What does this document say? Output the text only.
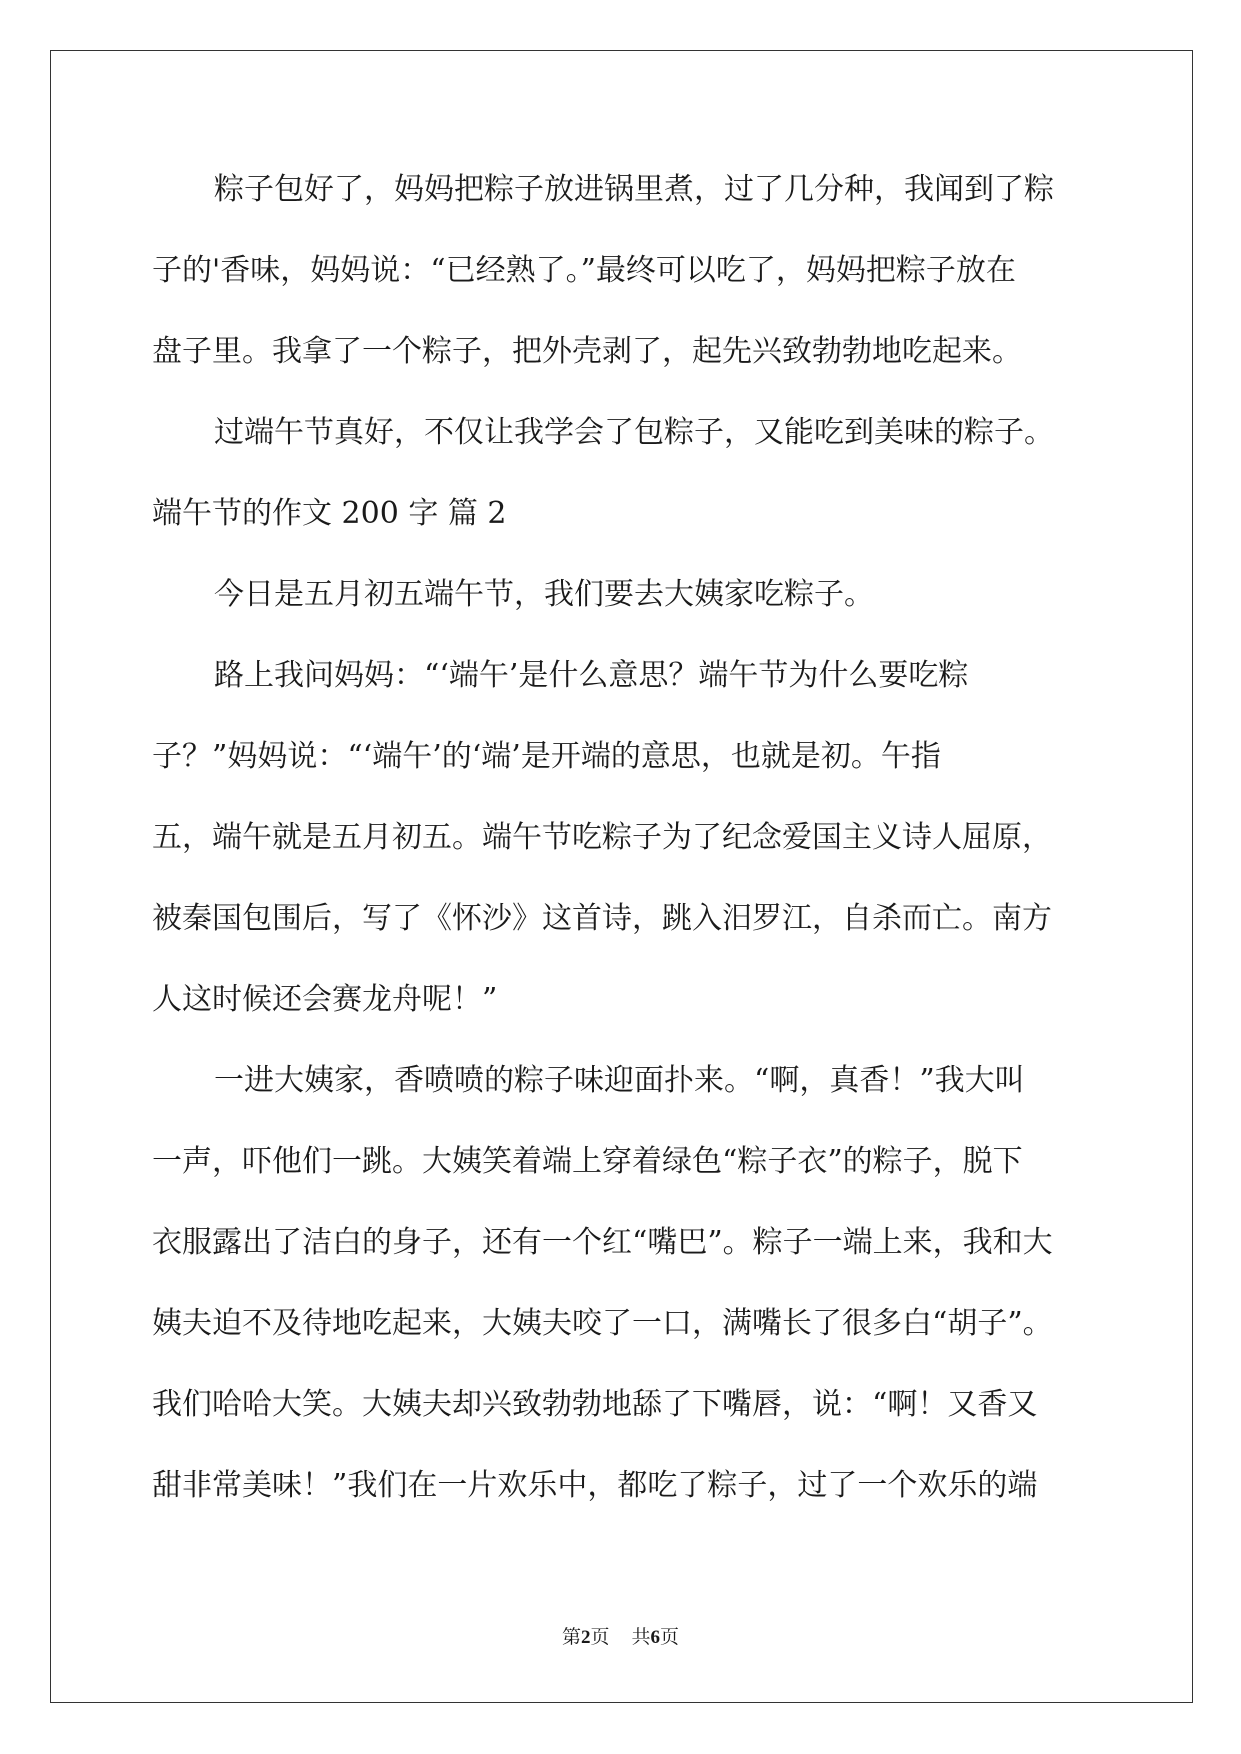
粽子包好了，妈妈把粽子放进锅里煮，过了几分种，我闻到了粽
子的'香味，妈妈说：“已经熟了。”最终可以吃了，妈妈把粽子放在
盘子里。我拿了一个粽子，把外壳剥了，起先兴致勃勃地吃起来。
过端午节真好，不仅让我学会了包粽子，又能吃到美味的粽子。
端午节的作文 200 字 篇 2
今日是五月初五端午节，我们要去大姨家吃粽子。
路上我问妈妈：“‘端午’是什么意思？端午节为什么要吃粽
子？”妈妈说：“‘端午’的‘端’是开端的意思，也就是初。午指
五，端午就是五月初五。端午节吃粽子为了纪念爱国主义诗人屈原，
被秦国包围后，写了《怀沙》这首诗，跳入汨罗江，自杀而亡。南方
人这时候还会赛龙舟呢！”
一进大姨家，香喷喷的粽子味迎面扑来。“啊，真香！”我大叫
一声，吓他们一跳。大姨笑着端上穿着绿色“粽子衣”的粽子，脱下
衣服露出了洁白的身子，还有一个红“嘴巴”。粽子一端上来，我和大
姨夫迫不及待地吃起来，大姨夫咬了一口，满嘴长了很多白“胡子”。
我们哈哈大笑。大姨夫却兴致勃勃地舔了下嘴唇，说：“啊！又香又
甜非常美味！”我们在一片欢乐中，都吃了粽子，过了一个欢乐的端
第2页 共6页
